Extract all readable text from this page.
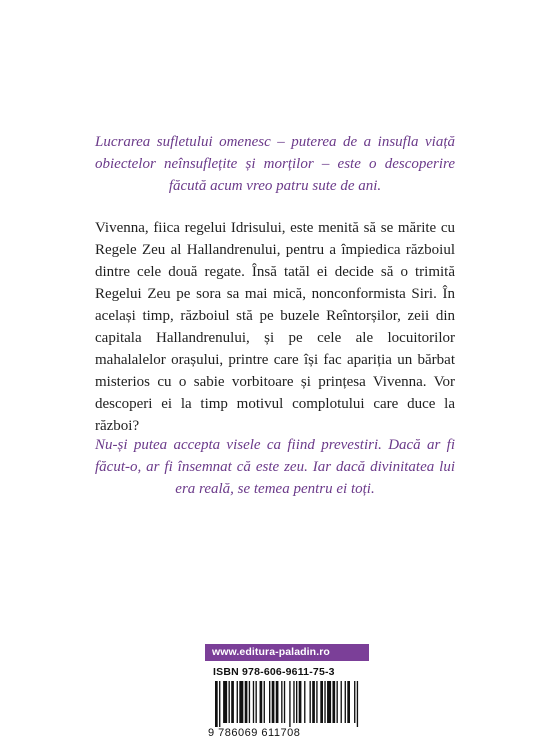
Lucrarea sufletului omenesc – puterea de a insufla viață obiectelor neînsuflețite și morților – este o descoperire făcută acum vreo patru sute de ani.

Vivenna, fiica regelui Idrisului, este menită să se mărite cu Regele Zeu al Hallandrenului, pentru a împiedica războiul dintre cele două regate. Însă tatăl ei decide să o trimită Regelui Zeu pe sora sa mai mică, nonconformista Siri. În același timp, războiul stă pe buzele Reîntorșilor, zeii din capitala Hallandrenului, și pe cele ale locuitorilor mahalalelor orașului, printre care își fac apariția un bărbat misterios cu o sabie vorbitoare și prințesa Vivenna. Vor descoperi ei la timp motivul complotului care duce la război?

Nu-și putea accepta visele ca fiind prevestiri. Dacă ar fi făcut-o, ar fi însemnat că este zeu. Iar dacă divinitatea lui era reală, se temea pentru ei toți.

www.editura-paladin.ro
ISBN 978-606-9611-75-3
9 786069 611708
